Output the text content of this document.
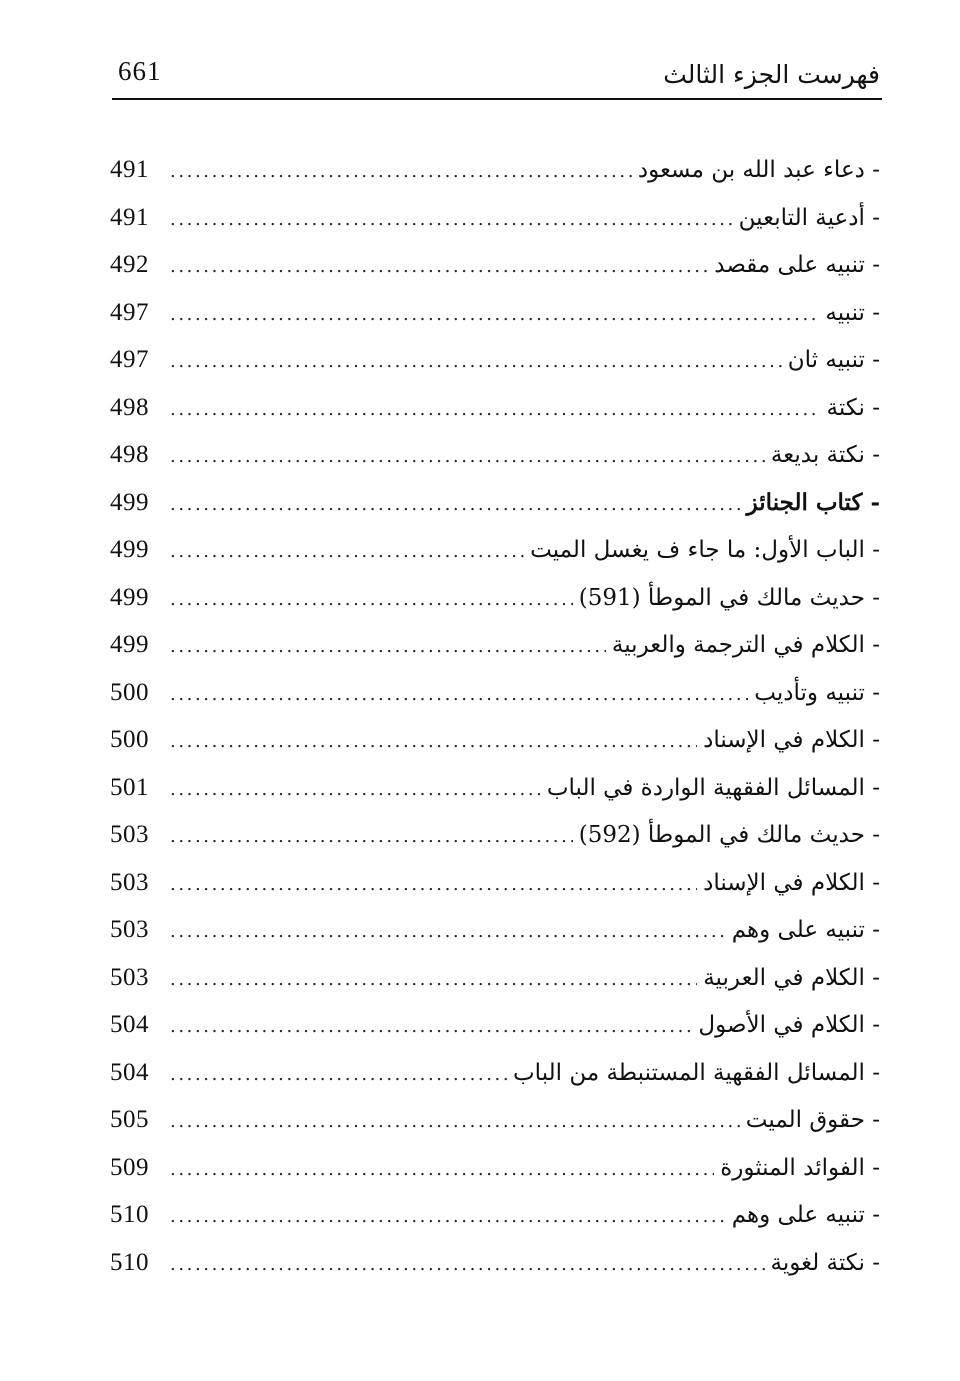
661	فهرست الجزء الثالث
- دعاء عبد الله بن مسعود
.....
491
- أدعية التابعين
.....
491
- تنبيه على مقصد
.....
492
- تنبيه
.....
497
- تنبيه ثان
.....
497
- نكتة
.....
498
- نكتة بديعة
.....
498
- كتاب الجنائز
.....
499
- الباب الأول: ما جاء ف يغسل الميت
.....
499
- حديث مالك في الموطأ (591)
.....
499
- الكلام في الترجمة والعربية
.....
499
- تنبيه وتأديب
.....
500
- الكلام في الإسناد
.....
500
- المسائل الفقهية الواردة في الباب
.....
501
- حديث مالك في الموطأ (592)
.....
503
- الكلام في الإسناد
.....
503
- تنبيه على وهم
.....
503
- الكلام في العربية
.....
503
- الكلام في الأصول
.....
504
- المسائل الفقهية المستنبطة من الباب
.....
504
- حقوق الميت
.....
505
- الفوائد المنثورة
.....
509
- تنبيه على وهم
.....
510
- نكتة لغوية
.....
510
